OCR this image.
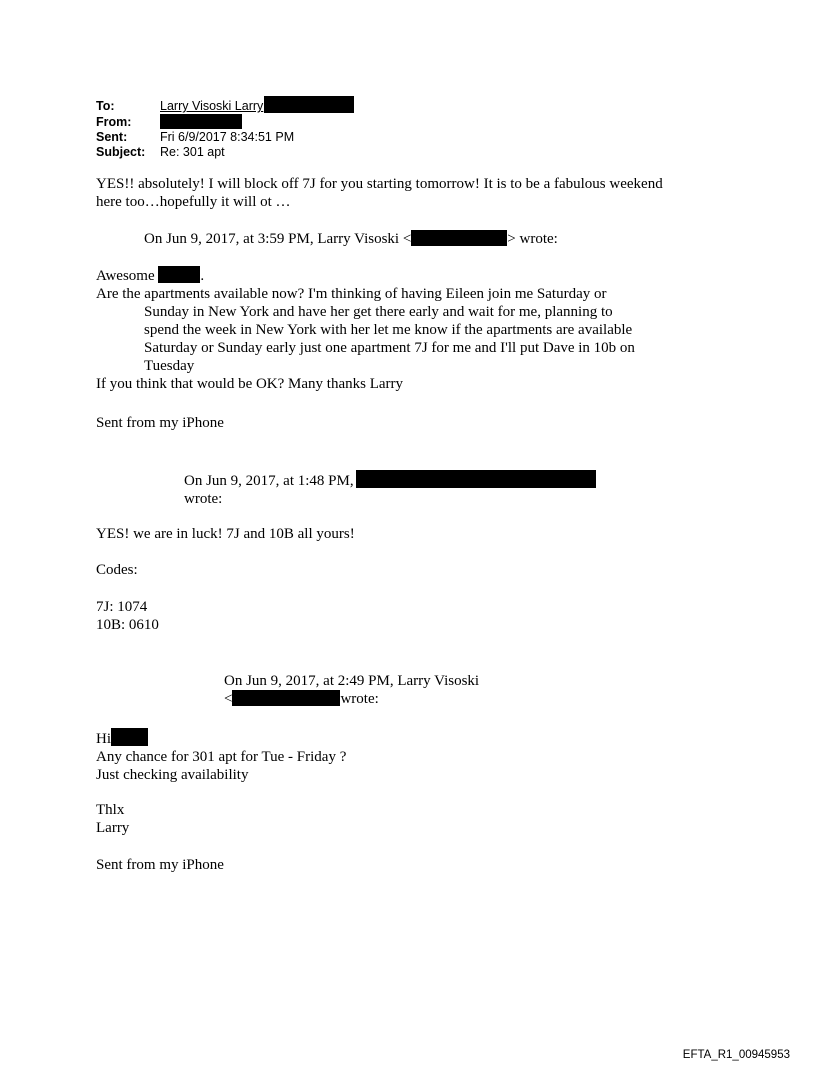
To:	Larry Visoski Larry
From:
Sent:	Fri 6/9/2017 8:34:51 PM
Subject: Re: 301 apt
YES!! absolutely! I will block off 7J for you starting tomorrow! It is to be a fabulous weekend
here too…hopefully it will ot …
On Jun 9, 2017, at 3:59 PM, Larry Visoski <	> wrote:
Awesome	.
Are the apartments available now? I'm thinking of having Eileen join me Saturday or
Sunday in New York and have her get there early and wait for me, planning to
spend the week in New York with her let me know if the apartments are available
Saturday or Sunday early just one apartment 7J for me and I'll put Dave in 10b on
Tuesday
If you think that would be OK? Many thanks Larry
Sent from my iPhone
On Jun 9, 2017, at 1:48 PM,
wrote:
YES! we are in luck! 7J and 10B all yours!
Codes:
7J: 1074
10B: 0610
On Jun 9, 2017, at 2:49 PM, Larry Visoski
<	wrote:
Hi
Any chance for 301 apt for Tue - Friday ?
Just checking availability
Thlx
Larry
Sent from my iPhone
EFTA_R1_00945953
